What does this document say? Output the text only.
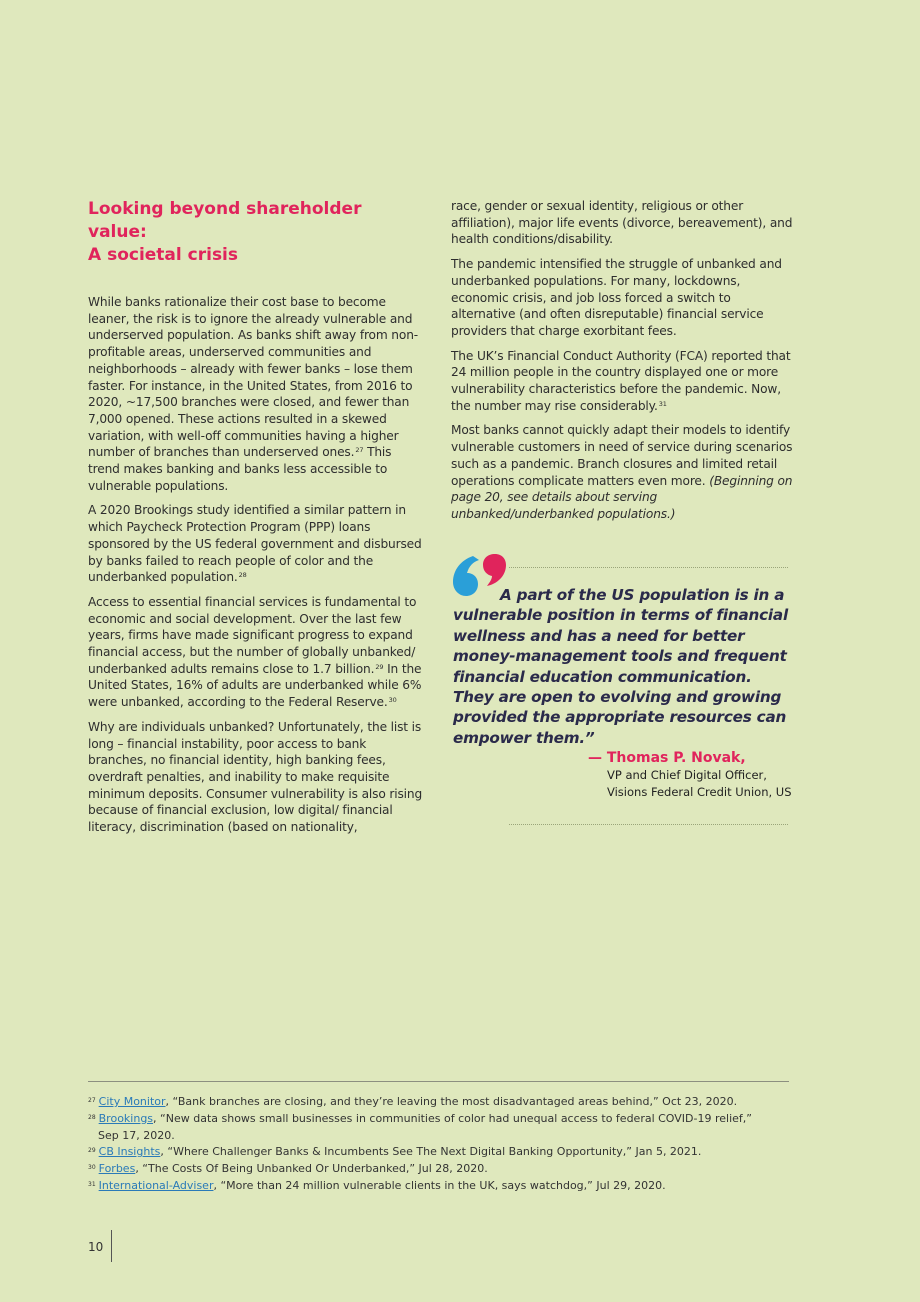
Looking beyond shareholder value:
A societal crisis

While banks rationalize their cost base to become leaner, the risk is to ignore the already vulnerable and underserved population. As banks shift away from non-profitable areas, underserved communities and neighborhoods – already with fewer banks – lose them faster. For instance, in the United States, from 2016 to 2020, ~17,500 branches were closed, and fewer than 7,000 opened. These actions resulted in a skewed variation, with well-off communities having a higher number of branches than underserved ones.$^{27}$ This trend makes banking and banks less accessible to vulnerable populations.

A 2020 Brookings study identified a similar pattern in which Paycheck Protection Program (PPP) loans sponsored by the US federal government and disbursed by banks failed to reach people of color and the underbanked population.$^{28}$

Access to essential financial services is fundamental to economic and social development. Over the last few years, firms have made significant progress to expand financial access, but the number of globally unbanked/ underbanked adults remains close to 1.7 billion.$^{29}$ In the United States, 16% of adults are underbanked while 6% were unbanked, according to the Federal Reserve.$^{30}$

Why are individuals unbanked? Unfortunately, the list is long – financial instability, poor access to bank branches, no financial identity, high banking fees, overdraft penalties, and inability to make requisite minimum deposits. Consumer vulnerability is also rising because of financial exclusion, low digital/ financial literacy, discrimination (based on nationality,

race, gender or sexual identity, religious or other affiliation), major life events (divorce, bereavement), and health conditions/disability.

The pandemic intensified the struggle of unbanked and underbanked populations. For many, lockdowns, economic crisis, and job loss forced a switch to alternative (and often disreputable) financial service providers that charge exorbitant fees.

The UK’s Financial Conduct Authority (FCA) reported that 24 million people in the country displayed one or more vulnerability characteristics before the pandemic. Now, the number may rise considerably.$^{31}$

Most banks cannot quickly adapt their models to identify vulnerable customers in need of service during scenarios such as a pandemic. Branch closures and limited retail operations complicate matters even more. (Beginning on page 20, see details about serving unbanked/underbanked populations.)

A part of the US population is in a
vulnerable position in terms of financial wellness and has a need for better money-management tools and frequent financial education communication. They are open to evolving and growing provided the appropriate resources can empower them.”
— Thomas P. Novak,
VP and Chief Digital Officer,
Visions Federal Credit Union, US
$^{27}$ City Monitor, “Bank branches are closing, and they’re leaving the most disadvantaged areas behind,” Oct 23, 2020.
$^{28}$ Brookings, “New data shows small businesses in communities of color had unequal access to federal COVID-19 relief,”
Sep 17, 2020.
$^{29}$ CB Insights, “Where Challenger Banks & Incumbents See The Next Digital Banking Opportunity,” Jan 5, 2021.
$^{30}$ Forbes, “The Costs Of Being Unbanked Or Underbanked,” Jul 28, 2020.
$^{31}$ International-Adviser, “More than 24 million vulnerable clients in the UK, says watchdog,” Jul 29, 2020.
10
